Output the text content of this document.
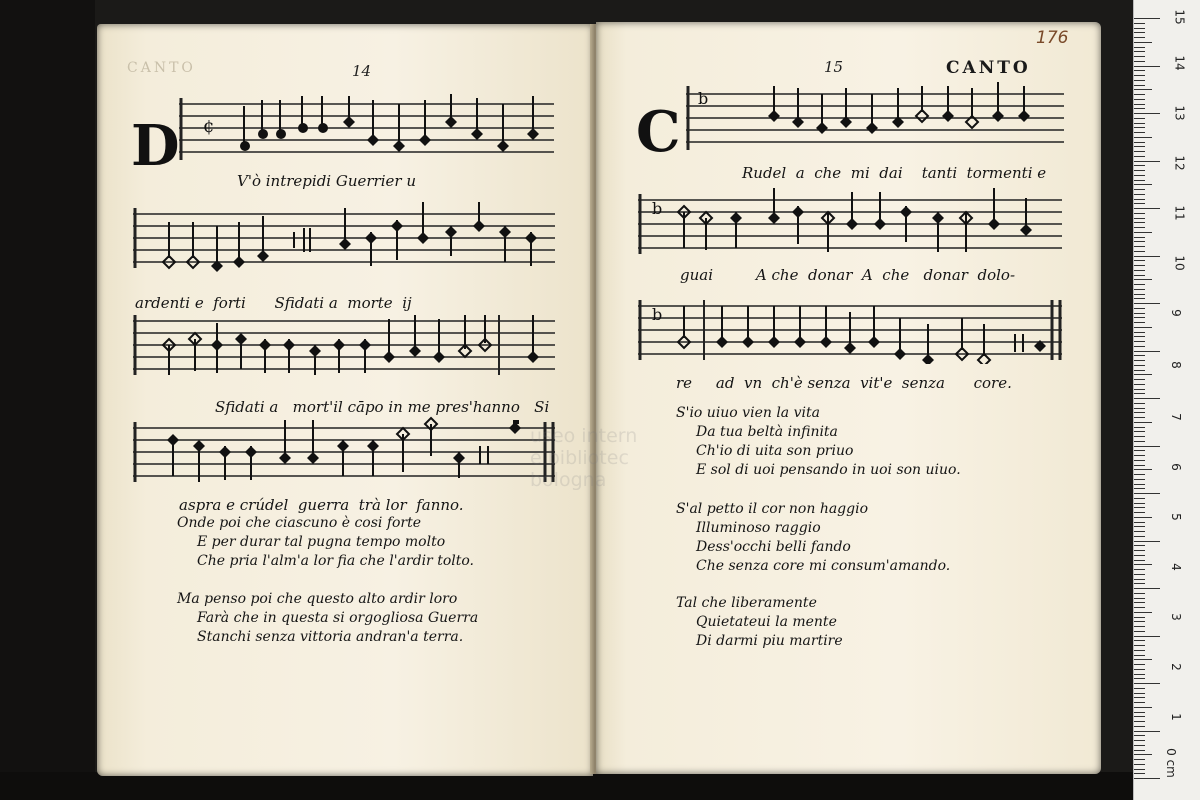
CANTO	14
D ¢
V'ò intrepidi Guerrier u
ardenti e  forti      Sfidati a  morte  ij
Sfidati a   mort'il cāpo in me pres'hanno   Si
aspra e crúdel  guerra  trà lor  fanno.
Onde poi che ciascuno è cosi forte
E per durar tal pugna tempo molto
Che pria l'alm'a lor fia che l'ardir tolto.
Ma penso poi che questo alto ardir loro
Farà che in questa si orgogliosa Guerra
Stanchi senza vittoria andran'a terra.
15	CANTO
176
C
b
Rudel  a  che  mi  dai    tanti  tormenti e
b
guai         A che  donar  A  che   donar  dolo-
b
re     ad  vn  ch'è senza  vit'e  senza      core.
S'io uiuo vien la vita
Da tua beltà infinita
Ch'io di uita son priuo
E sol di uoi pensando in uoi son uiuo.
S'al petto il cor non haggio
Illuminoso raggio
Dess'occhi belli fando
Che senza core mi consum'amando.
Tal che liberamente
Quietateui la mente
Di darmi piu martire
useo intern
e bibliotec
bologna
0 cm
1
2
3
4
5
6
7
8
9
10
11
12
13
14
15
